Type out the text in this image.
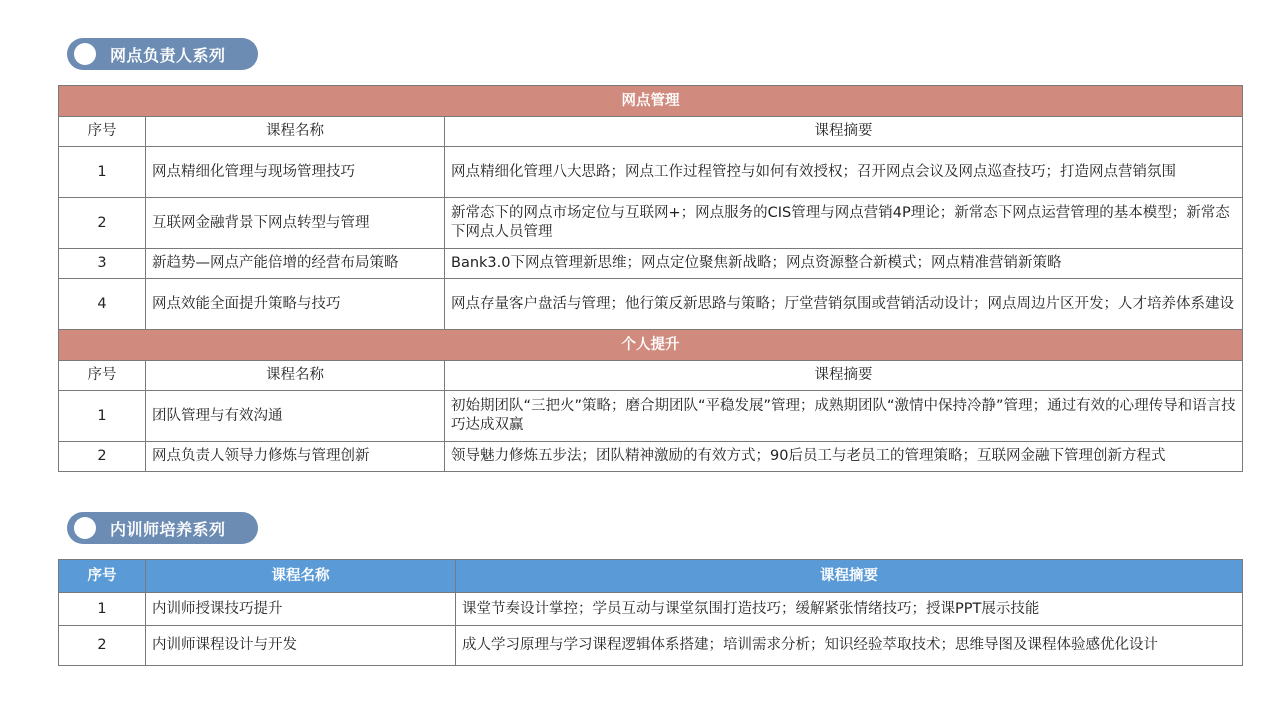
网点负责人系列
网点管理		
序号	课程名称	课程摘要
1	网点精细化管理与现场管理技巧	网点精细化管理八大思路；网点工作过程管控与如何有效授权；召开网点会议及网点巡查技巧；打造网点营销氛围
2	互联网金融背景下网点转型与管理	新常态下的网点市场定位与互联网+；网点服务的CIS管理与网点营销4P理论；新常态下网点运营管理的基本模型；新常态下网点人员管理
3	新趋势—网点产能倍增的经营布局策略	Bank3.0下网点管理新思维；网点定位聚焦新战略；网点资源整合新模式；网点精准营销新策略
4	网点效能全面提升策略与技巧	网点存量客户盘活与管理；他行策反新思路与策略；厅堂营销氛围或营销活动设计；网点周边片区开发；人才培养体系建设
个人提升		
序号	课程名称	课程摘要
1	团队管理与有效沟通	初始期团队“三把火”策略；磨合期团队“平稳发展”管理；成熟期团队“激情中保持冷静”管理；通过有效的心理传导和语言技巧达成双赢
2	网点负责人领导力修炼与管理创新	领导魅力修炼五步法；团队精神激励的有效方式；90后员工与老员工的管理策略；互联网金融下管理创新方程式
内训师培养系列
序号	课程名称	课程摘要
1	内训师授课技巧提升	课堂节奏设计掌控；学员互动与课堂氛围打造技巧；缓解紧张情绪技巧；授课PPT展示技能
2	内训师课程设计与开发	成人学习原理与学习课程逻辑体系搭建；培训需求分析；知识经验萃取技术；思维导图及课程体验感优化设计
